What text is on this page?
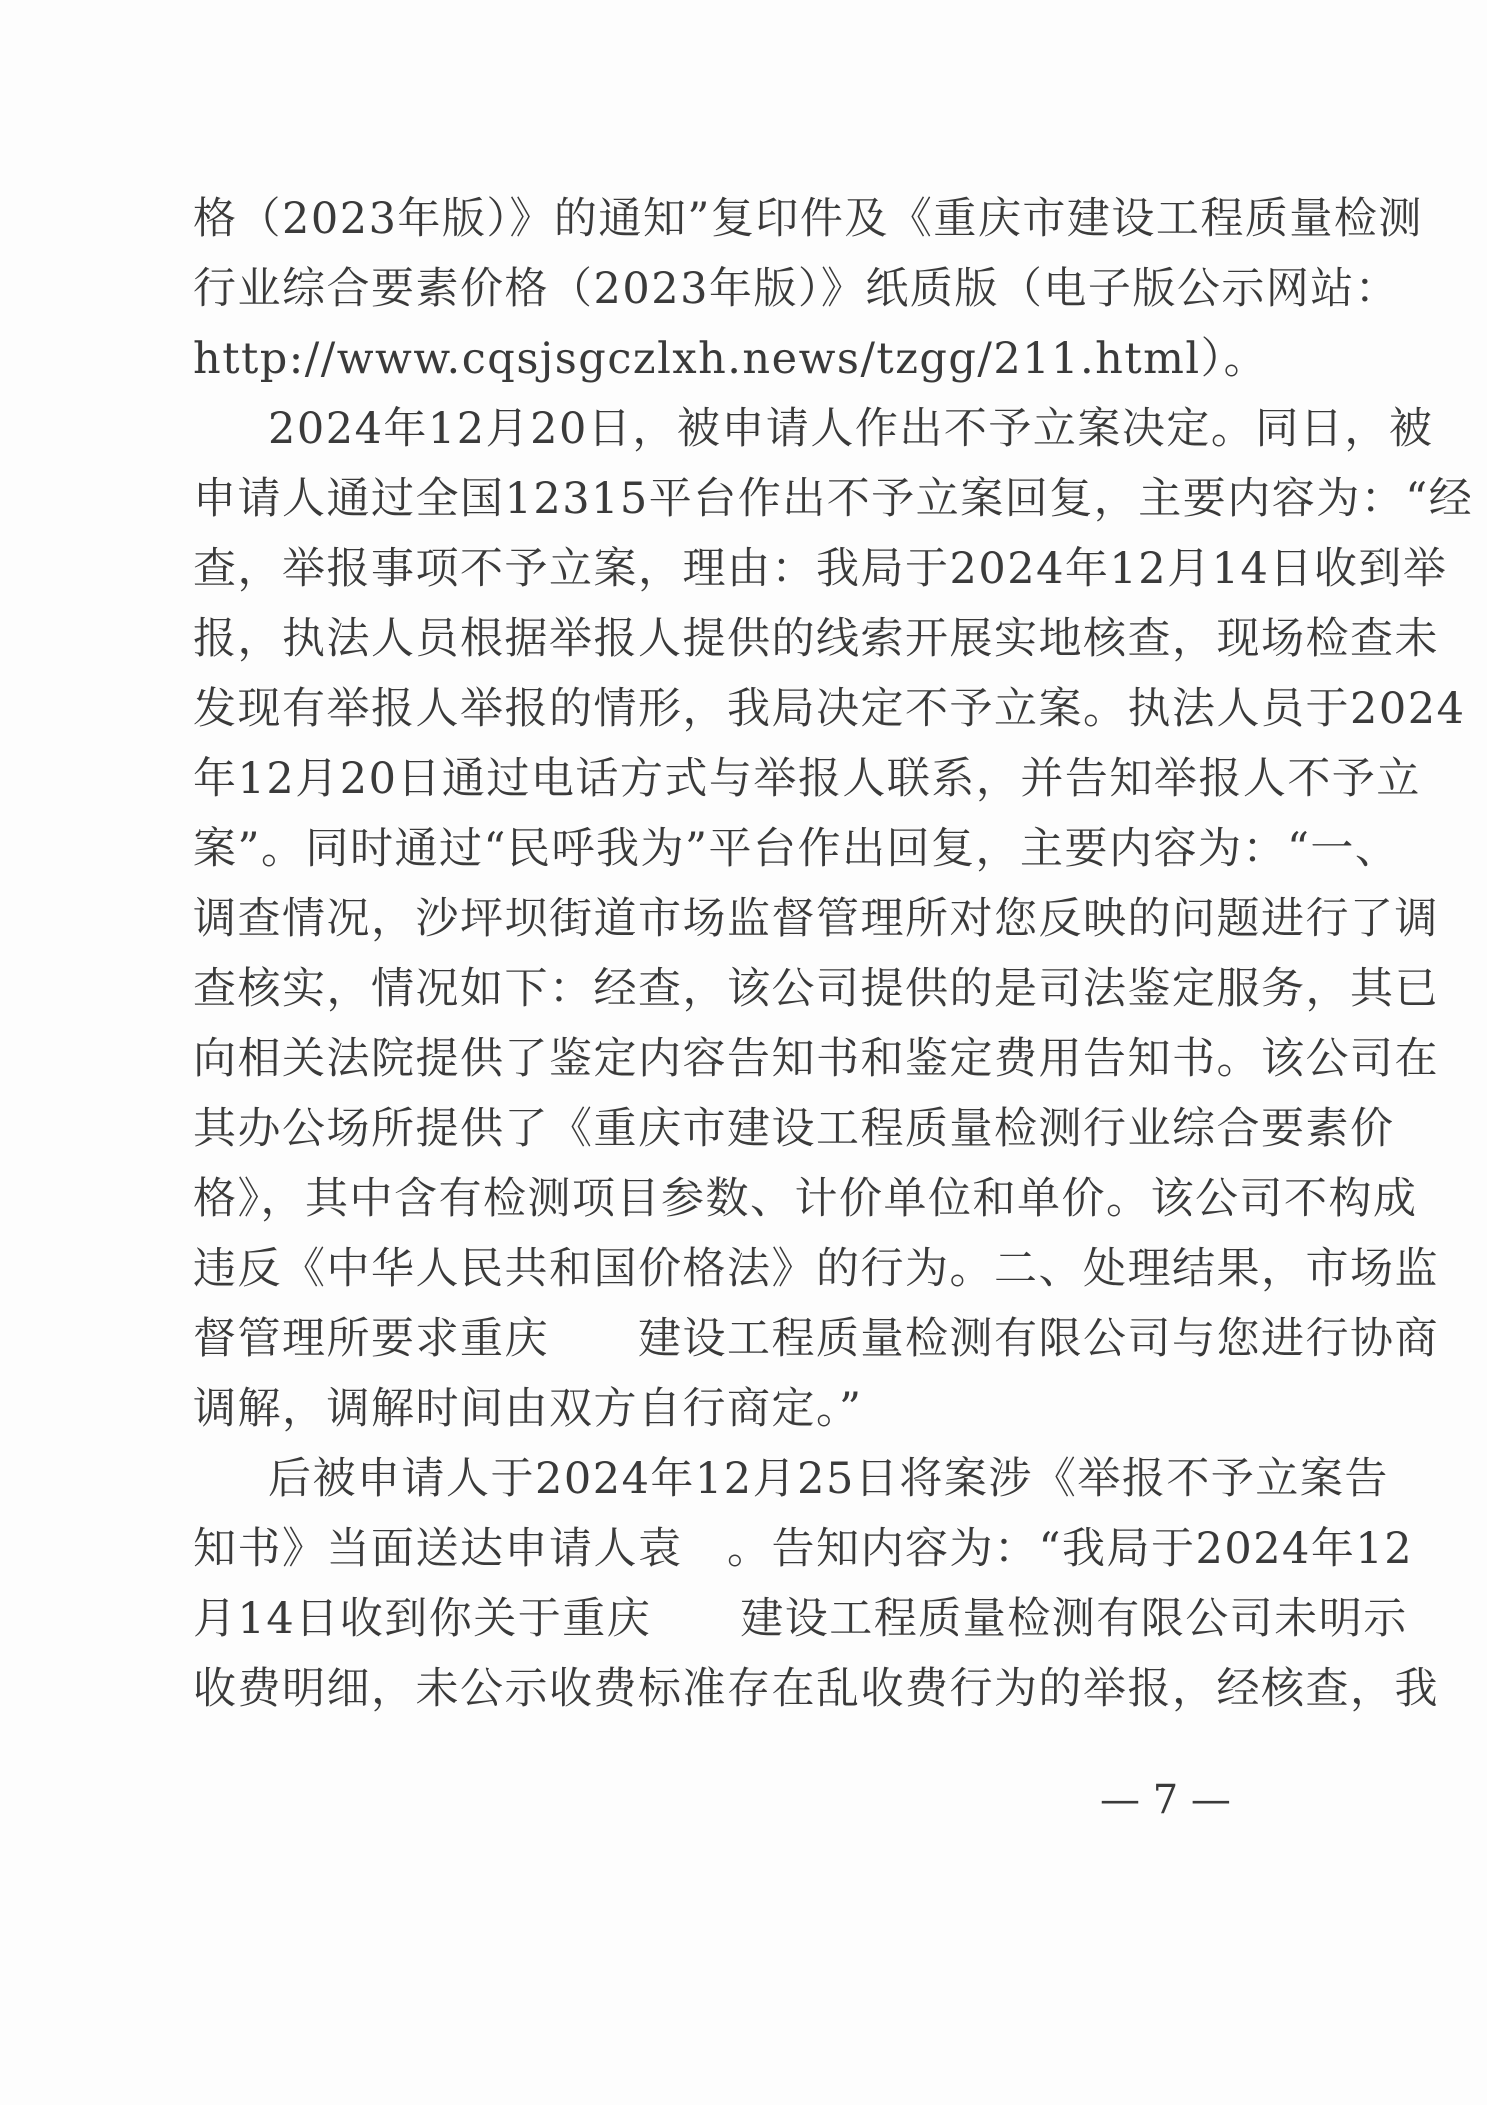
格（2023年版）》的通知”复印件及《重庆市建设工程质量检测
行业综合要素价格（2023年版）》纸质版（电子版公示网站：
http://www.cqsjsgczlxh.news/tzgg/211.html）。
2024年12月20日，被申请人作出不予立案决定。同日，被
申请人通过全国12315平台作出不予立案回复，主要内容为：“经
查，举报事项不予立案，理由：我局于2024年12月14日收到举
报，执法人员根据举报人提供的线索开展实地核查，现场检查未
发现有举报人举报的情形，我局决定不予立案。执法人员于2024
年12月20日通过电话方式与举报人联系，并告知举报人不予立
案”。同时通过“民呼我为”平台作出回复，主要内容为：“一、
调查情况，沙坪坝街道市场监督管理所对您反映的问题进行了调
查核实，情况如下：经查，该公司提供的是司法鉴定服务，其已
向相关法院提供了鉴定内容告知书和鉴定费用告知书。该公司在
其办公场所提供了《重庆市建设工程质量检测行业综合要素价
格》，其中含有检测项目参数、计价单位和单价。该公司不构成
违反《中华人民共和国价格法》的行为。二、处理结果，市场监
督管理所要求重庆　　建设工程质量检测有限公司与您进行协商
调解，调解时间由双方自行商定。”
后被申请人于2024年12月25日将案涉《举报不予立案告
知书》当面送达申请人袁　。告知内容为：“我局于2024年12
月14日收到你关于重庆　　建设工程质量检测有限公司未明示
收费明细，未公示收费标准存在乱收费行为的举报，经核查，我
— 7 —
